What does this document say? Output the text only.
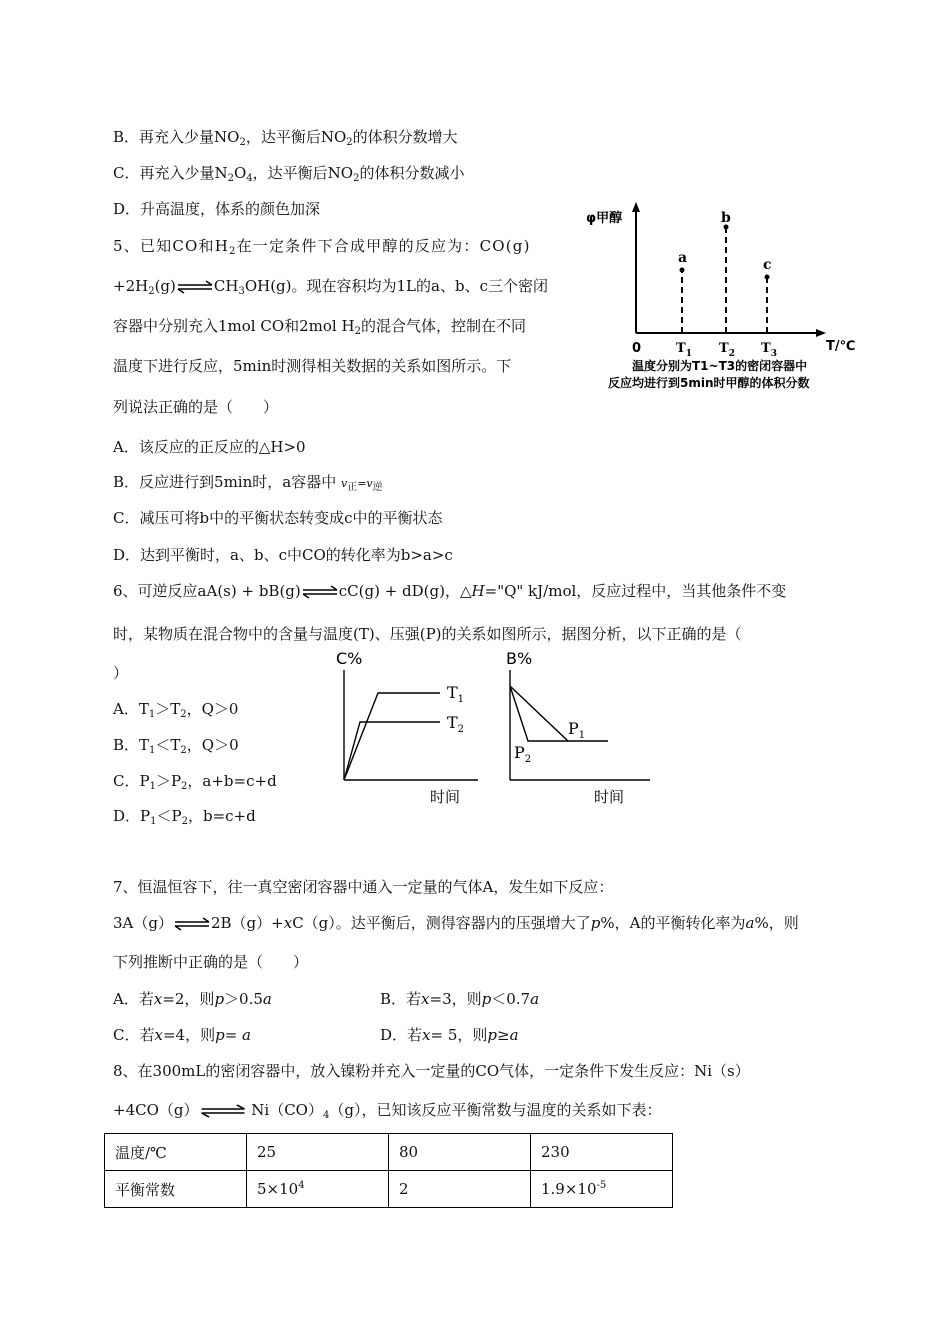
B．再充入少量$NO_2$，达平衡后$NO_2$的体积分数增大
C．再充入少量$N_2O_4$，达平衡后$NO_2$的体积分数减小
D．升高温度，体系的颜色加深
5、已知CO和$H_2$在一定条件下合成甲醇的反应为：CO(g)
$+2H_2(g)$	$CH_3OH(g)$。现在容积均为1L的a、b、c三个密闭
容器中分别充入1mol CO和2mol $H_2$的混合气体，控制在不同
温度下进行反应，5min时测得相关数据的关系如图所示。下
列说法正确的是（　　）
A．该反应的正反应的△H>0
B．反应进行到5min时，a容器中 $v_正=v_逆$
C．减压可将b中的平衡状态转变成c中的平衡状态
D．达到平衡时，a、b、c中CO的转化率为b>a>c
φ甲醇
0	T/℃
a
$T_1$
b
$T_2$
c
$T_3$
温度分别为T1~T3的密闭容器中
反应均进行到5min时甲醇的体积分数
6、可逆反应aA(s) + bB(g)	cC(g) + dD(g)，△H="Q" kJ/mol，反应过程中，当其他条件不变
时，某物质在混合物中的含量与温度(T)、压强(P)的关系如图所示，据图分析，以下正确的是（
）
A．$T_1>T_2$，Q＞0
B．$T_1<T_2$，Q＞0
C．$P_1>P_2$，a+b=c+d
D．$P_1<P_2$，b=c+d
C%
$T_1$
$T_2$
时间
B%
$P_1$
$P_2$
时间
7、恒温恒容下，往一真空密闭容器中通入一定量的气体A，发生如下反应：
3A（g）	2B（g）+xC（g）。达平衡后，测得容器内的压强增大了p%，A的平衡转化率为a%，则
下列推断中正确的是（　　）
A．若x=2，则p＞0.5a	B．若x=3，则p＜0.7a
C．若x=4，则p= a	D．若x= 5，则p≥a
8、在300mL的密闭容器中，放入镍粉并充入一定量的CO气体，一定条件下发生反应：Ni（s）
+4CO（g）	$Ni(CO)_4(g)$，已知该反应平衡常数与温度的关系如下表：
温度/℃	25	80	230
平衡常数	$5\times 10^4$	2	$1.9\times 10^{-5}$
